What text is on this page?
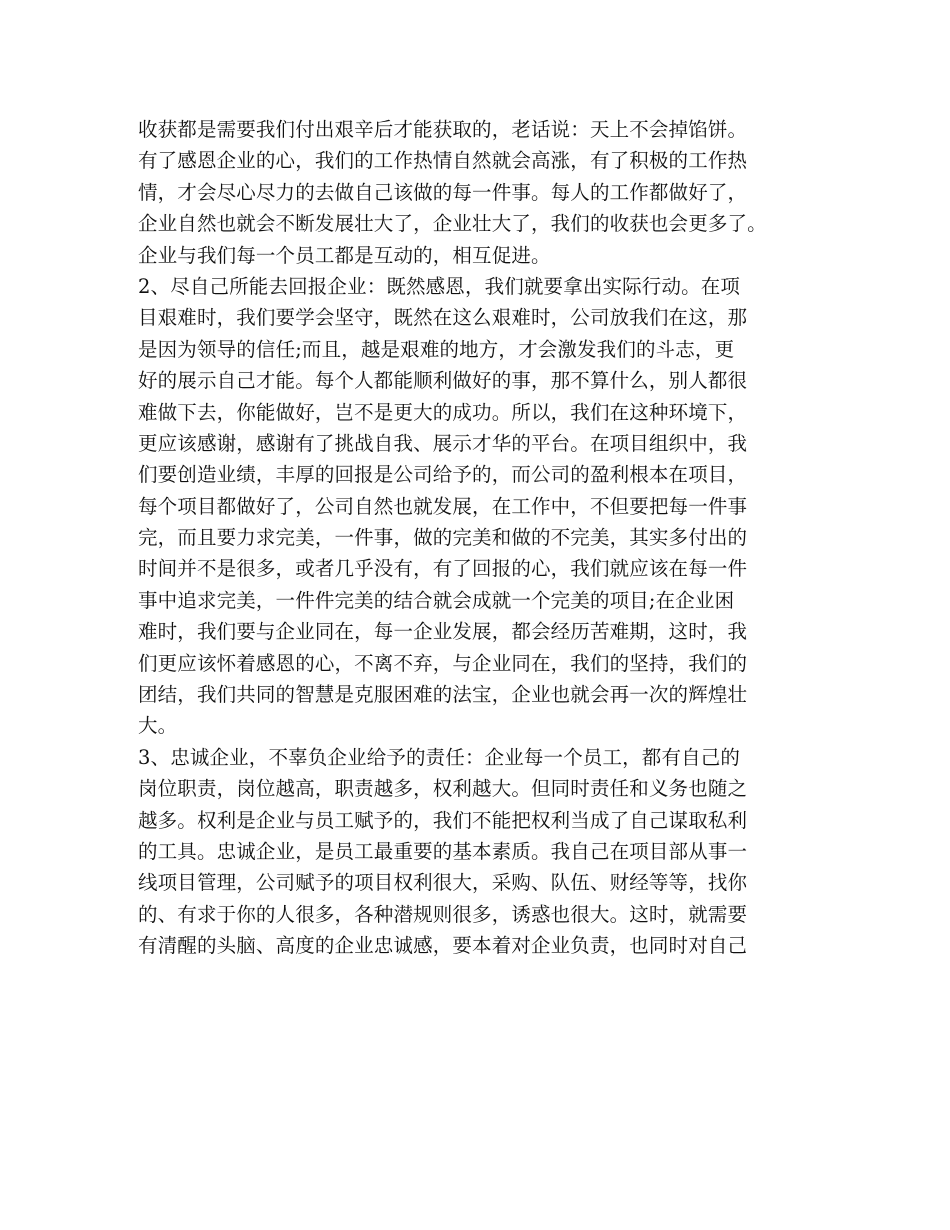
收获都是需要我们付出艰辛后才能获取的，老话说：天上不会掉馅饼。
有了感恩企业的心，我们的工作热情自然就会高涨，有了积极的工作热
情，才会尽心尽力的去做自己该做的每一件事。每人的工作都做好了，
企业自然也就会不断发展壮大了，企业壮大了，我们的收获也会更多了。
企业与我们每一个员工都是互动的，相互促进。
2、尽自己所能去回报企业：既然感恩，我们就要拿出实际行动。在项
目艰难时，我们要学会坚守，既然在这么艰难时，公司放我们在这，那
是因为领导的信任;而且，越是艰难的地方，才会激发我们的斗志，更
好的展示自己才能。每个人都能顺利做好的事，那不算什么，别人都很
难做下去，你能做好，岂不是更大的成功。所以，我们在这种环境下，
更应该感谢，感谢有了挑战自我、展示才华的平台。在项目组织中，我
们要创造业绩，丰厚的回报是公司给予的，而公司的盈利根本在项目，
每个项目都做好了，公司自然也就发展，在工作中，不但要把每一件事
完，而且要力求完美，一件事，做的完美和做的不完美，其实多付出的
时间并不是很多，或者几乎没有，有了回报的心，我们就应该在每一件
事中追求完美，一件件完美的结合就会成就一个完美的项目;在企业困
难时，我们要与企业同在，每一企业发展，都会经历苦难期，这时，我
们更应该怀着感恩的心，不离不弃，与企业同在，我们的坚持，我们的
团结，我们共同的智慧是克服困难的法宝，企业也就会再一次的辉煌壮
大。
3、忠诚企业，不辜负企业给予的责任：企业每一个员工，都有自己的
岗位职责，岗位越高，职责越多，权利越大。但同时责任和义务也随之
越多。权利是企业与员工赋予的，我们不能把权利当成了自己谋取私利
的工具。忠诚企业，是员工最重要的基本素质。我自己在项目部从事一
线项目管理，公司赋予的项目权利很大，采购、队伍、财经等等，找你
的、有求于你的人很多，各种潜规则很多，诱惑也很大。这时，就需要
有清醒的头脑、高度的企业忠诚感，要本着对企业负责，也同时对自己
